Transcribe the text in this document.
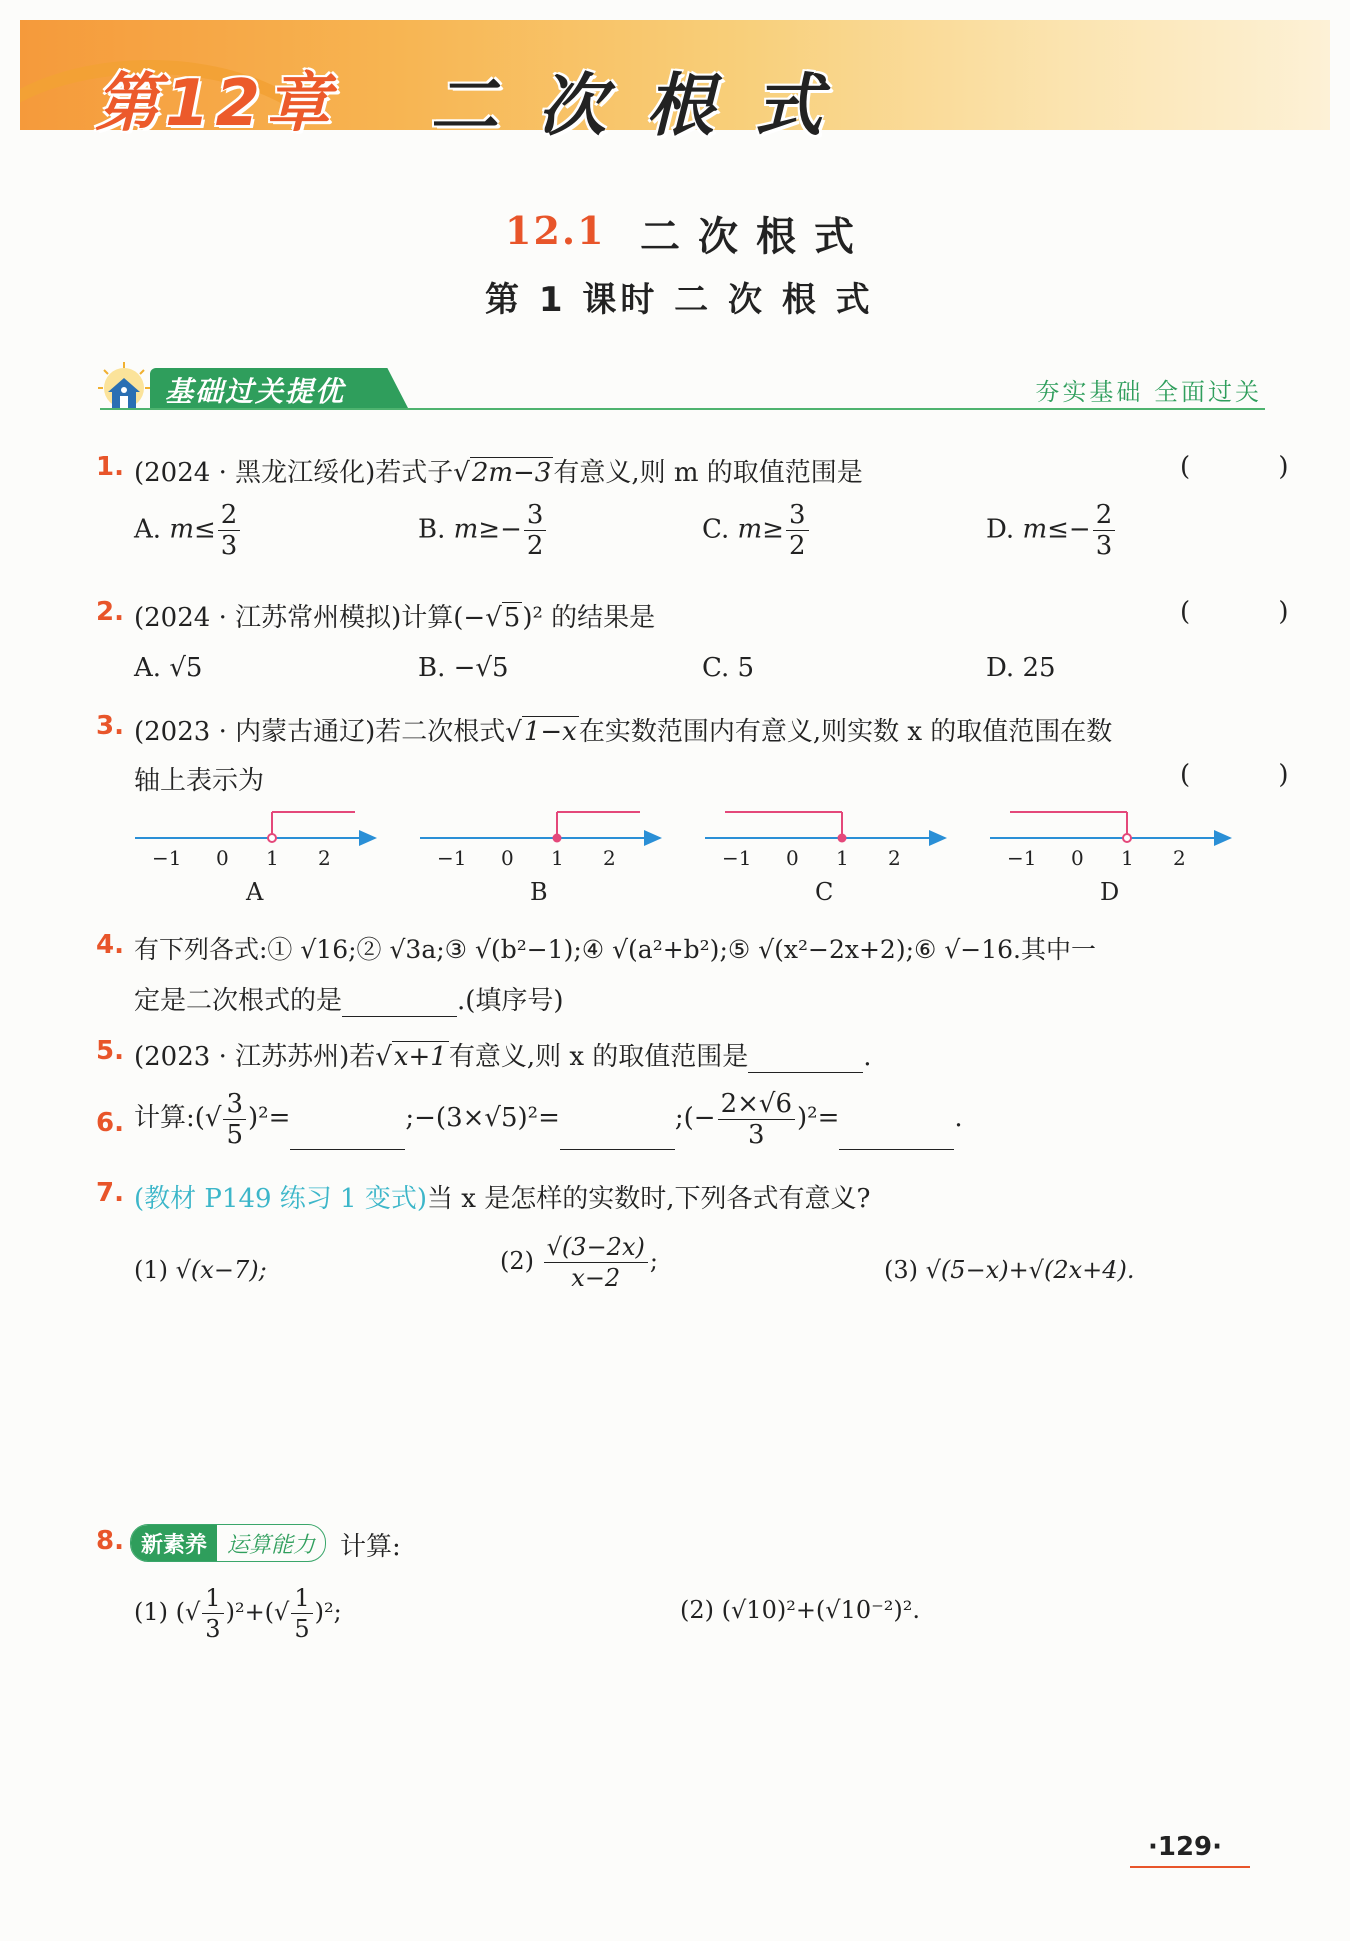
第12章 二次根式
12.1 二次根式
第 1 课时 二 次 根 式
基础过关提优	夯实基础 全面过关
1. (2024 · 黑龙江绥化)若式子√2m−3有意义,则 m 的取值范围是	( )
A. $m\le \frac{2}{3}$	B. $m\ge- \frac{3}{2}$	C. $m\ge \frac{3}{2}$	D. $m\le- \frac{2}{3}$
2. (2024 · 江苏常州模拟)计算(−√5)² 的结果是	( )
A. √5	B. −√5	C. 5	D. 25
3. (2023 · 内蒙古通辽)若二次根式√1−x在实数范围内有意义,则实数 x 的取值范围在数
轴上表示为	( )
−1 0 1 2	−1 0 1 2	−1 0 1 2	−1 0 1 2
A	B	C	D
4. 有下列各式:① √16;② √3a;③ √(b²−1);④ √(a²+b²);⑤ √(x²−2x+2);⑥ √−16.其中一
定是二次根式的是	.(填序号)
5. (2023 · 江苏苏州)若√x+1有意义,则 x 的取值范围是	.
6. 计算:(√ $\frac{3}{5} )^2=$	;−(3×√5)²=	;(− $\frac{2\times√6}{3} )^2=$	.
7. (教材 P149 练习 1 变式)当 x 是怎样的实数时,下列各式有意义?
(1) √(x−7);	$(2) \frac{√(3-2x)}{x-2}$ ;	(3) √(5−x)+√(2x+4).
8. 新素养 运算能力 计算:
(1) (√ $\frac{1}{3} )^2+(√ \frac{1}{5} )^2$;	(2) (√10)²+(√10⁻²)².
·129·
